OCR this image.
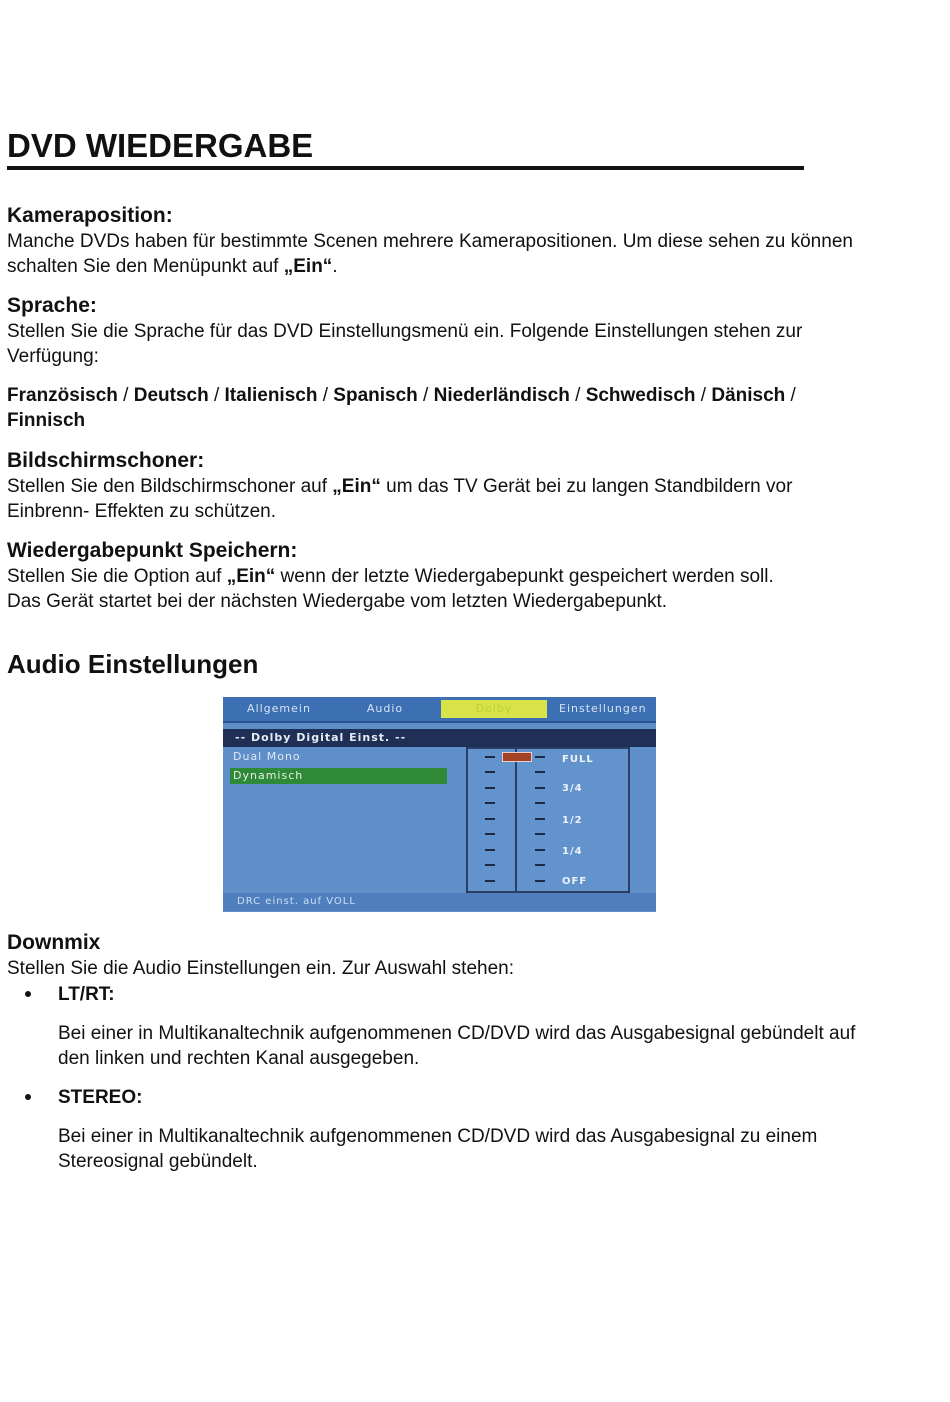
DVD WIEDERGABE
Kameraposition:
Manche DVDs haben für bestimmte Scenen mehrere Kamerapositionen. Um diese sehen zu können schalten Sie den Menüpunkt auf „Ein“.
Sprache:
Stellen Sie die Sprache für das DVD Einstellungsmenü ein. Folgende Einstellungen stehen zur Verfügung:
Französisch / Deutsch / Italienisch / Spanisch / Niederländisch / Schwedisch / Dänisch / Finnisch
Bildschirmschoner:
Stellen Sie den Bildschirmschoner auf „Ein“ um das TV Gerät bei zu langen Standbildern vor Einbrenn- Effekten zu schützen.
Wiedergabepunkt Speichern:
Stellen Sie die Option auf „Ein“ wenn der letzte Wiedergabepunkt gespeichert werden soll. Das Gerät startet bei der nächsten Wiedergabe vom letzten Wiedergabepunkt.
Audio Einstellungen
Downmix
Stellen Sie die Audio Einstellungen ein. Zur Auswahl stehen:
LT/RT:
Bei einer in Multikanaltechnik aufgenommenen CD/DVD wird das Ausgabesignal gebündelt auf den linken und rechten Kanal ausgegeben.
STEREO:
Bei einer in Multikanaltechnik aufgenommenen CD/DVD wird das Ausgabesignal zu einem Stereosignal gebündelt.
Allgemein	Audio	Dolby	Einstellungen
-- Dolby Digital Einst. --
Dual Mono
Dynamisch
FULL
3/4
1/2
1/4
OFF
DRC einst. auf VOLL
